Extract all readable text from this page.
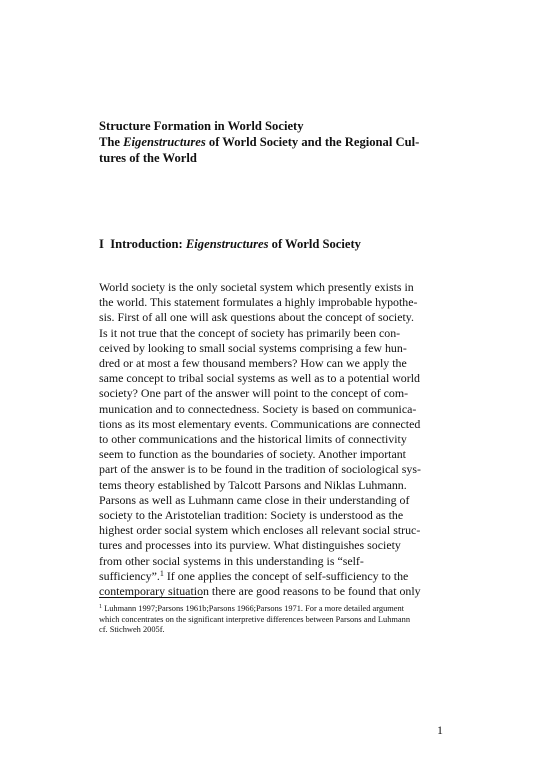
Structure Formation in World Society
The Eigenstructures of World Society and the Regional Cul-
tures of the World
I Introduction: Eigenstructures of World Society
World society is the only societal system which presently exists in
the world. This statement formulates a highly improbable hypothe-
sis. First of all one will ask questions about the concept of society.
Is it not true that the concept of society has primarily been con-
ceived by looking to small social systems comprising a few hun-
dred or at most a few thousand members? How can we apply the
same concept to tribal social systems as well as to a potential world
society? One part of the answer will point to the concept of com-
munication and to connectedness. Society is based on communica-
tions as its most elementary events. Communications are connected
to other communications and the historical limits of connectivity
seem to function as the boundaries of society. Another important
part of the answer is to be found in the tradition of sociological sys-
tems theory established by Talcott Parsons and Niklas Luhmann.
Parsons as well as Luhmann came close in their understanding of
society to the Aristotelian tradition: Society is understood as the
highest order social system which encloses all relevant social struc-
tures and processes into its purview. What distinguishes society
from other social systems in this understanding is “self-
sufficiency”.$^1$ If one applies the concept of self-sufficiency to the
contemporary situation there are good reasons to be found that only
$^1$ Luhmann 1997;Parsons 1961b;Parsons 1966;Parsons 1971. For a more detailed argument
which concentrates on the significant interpretive differences between Parsons and Luhmann
cf. Stichweh 2005f.
1
